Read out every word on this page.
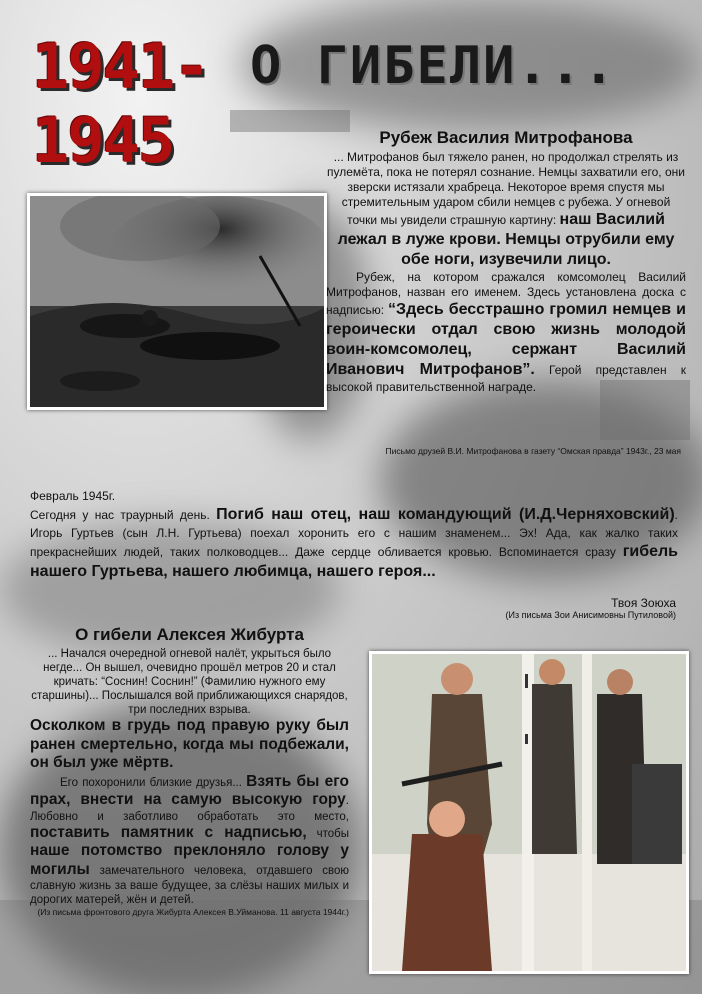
1941-
1945
О ГИБЕЛИ...

Рубеж Василия Митрофанова

... Митрофанов был тяжело ранен, но продолжал стрелять из пулемёта, пока не потерял сознание. Немцы захватили его, они зверски истязали храбреца. Некоторое время спустя мы стремительным ударом сбили немцев с рубежа. У огневой точки мы увидели страшную картину: наш Василий лежал в луже крови. Немцы отрубили ему обе ноги, изувечили лицо.

Рубеж, на котором сражался комсомолец Василий Митрофанов, назван его именем. Здесь установлена доска с надписью: “Здесь бесстрашно громил немцев и героически отдал свою жизнь молодой воин-комсомолец, сержант Василий Иванович Митрофанов”. Герой представлен к высокой правительственной награде.

Письмо друзей В.И. Митрофанова в газету “Омская правда” 1943г., 23 мая

Февраль 1945г.

Сегодня у нас траурный день. Погиб наш отец, наш командующий (И.Д.Черняховский). Игорь Гуртьев (сын Л.Н. Гуртьева) поехал хоронить его с нашим знаменем... Эх! Ада, как жалко таких прекраснейших людей, таких полководцев... Даже сердце обливается кровью. Вспоминается сразу гибель нашего Гуртьева, нашего любимца, нашего героя...

Твоя Зоюха
(Из письма Зои Анисимовны Путиловой)

О гибели Алексея Жибурта

... Начался очередной огневой налёт, укрыться было негде... Он вышел, очевидно прошёл метров 20 и стал кричать: “Соснин! Соснин!” (Фамилию нужного ему старшины)... Послышался вой приближающихся снарядов, три последних взрыва.

Осколком в грудь под правую руку был ранен смертельно, когда мы подбежали, он был уже мёртв.

Его похоронили близкие друзья... Взять бы его прах, внести на самую высокую гору. Любовно и заботливо обработать это место, поставить памятник с надписью, чтобы наше потомство преклоняло голову у могилы замечательного человека, отдавшего свою славную жизнь за ваше будущее, за слёзы наших милых и дорогих матерей, жён и детей.

(Из письма фронтового друга Жибурта Алексея В.Уйманова. 11 августа 1944г.)
